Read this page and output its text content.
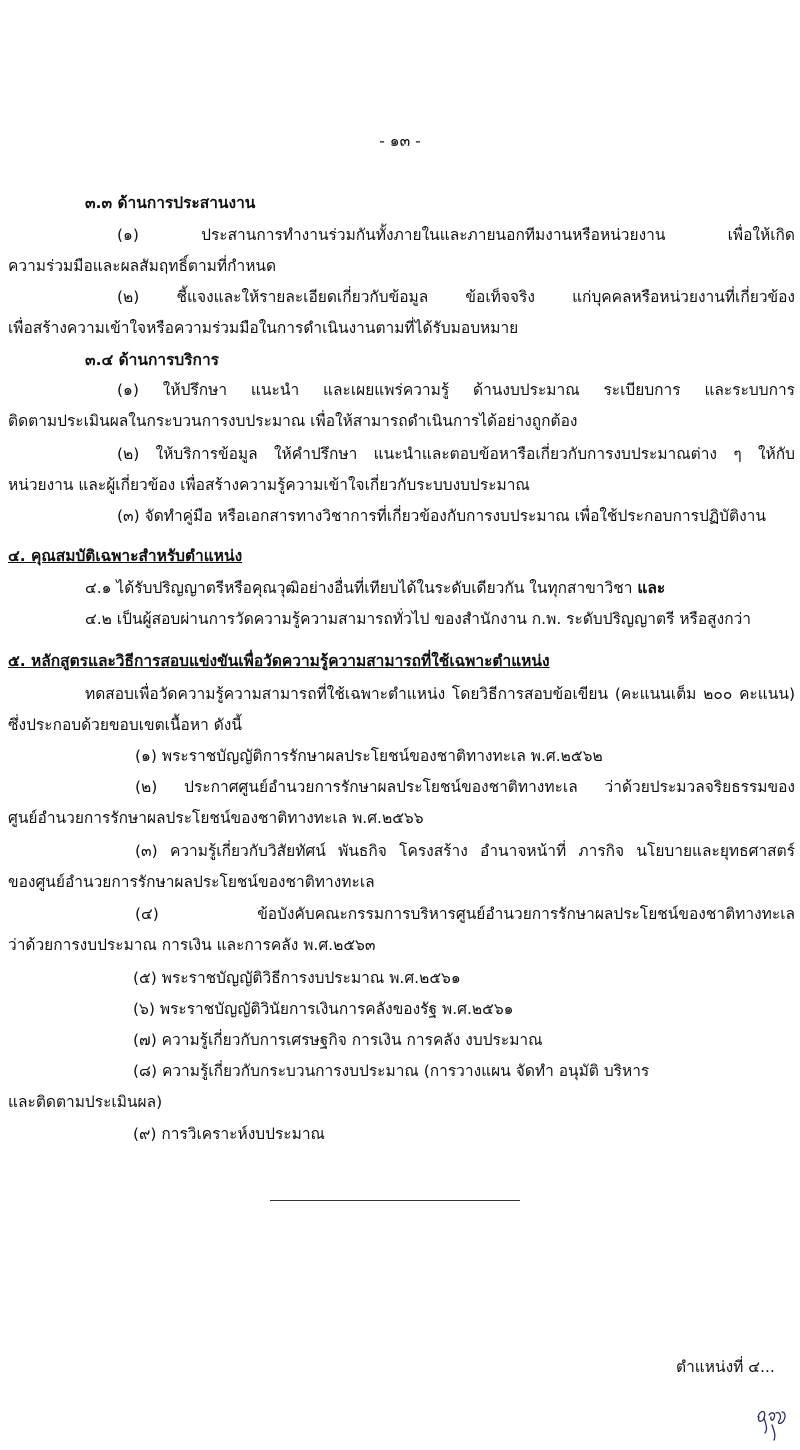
- ๑๓ -
๓.๓ ด้านการประสานงาน
(๑) ประสานการทำงานร่วมกันทั้งภายในและภายนอกทีมงานหรือหน่วยงาน เพื่อให้เกิด
ความร่วมมือและผลสัมฤทธิ์ตามที่กำหนด
(๒) ชี้แจงและให้รายละเอียดเกี่ยวกับข้อมูล ข้อเท็จจริง แก่บุคคลหรือหน่วยงานที่เกี่ยวข้อง
เพื่อสร้างความเข้าใจหรือความร่วมมือในการดำเนินงานตามที่ได้รับมอบหมาย
๓.๔ ด้านการบริการ
(๑) ให้ปรึกษา แนะนำ และเผยแพร่ความรู้ ด้านงบประมาณ ระเบียบการ และระบบการ
ติดตามประเมินผลในกระบวนการงบประมาณ เพื่อให้สามารถดำเนินการได้อย่างถูกต้อง
(๒) ให้บริการข้อมูล ให้คำปรึกษา แนะนำและตอบข้อหารือเกี่ยวกับการงบประมาณต่าง ๆ ให้กับ
หน่วยงาน และผู้เกี่ยวข้อง เพื่อสร้างความรู้ความเข้าใจเกี่ยวกับระบบงบประมาณ
(๓) จัดทำคู่มือ หรือเอกสารทางวิชาการที่เกี่ยวข้องกับการงบประมาณ เพื่อใช้ประกอบการปฏิบัติงาน
๔. คุณสมบัติเฉพาะสำหรับตำแหน่ง
๔.๑ ได้รับปริญญาตรีหรือคุณวุฒิอย่างอื่นที่เทียบได้ในระดับเดียวกัน ในทุกสาขาวิชา และ
๔.๒ เป็นผู้สอบผ่านการวัดความรู้ความสามารถทั่วไป ของสำนักงาน ก.พ. ระดับปริญญาตรี หรือสูงกว่า
๕. หลักสูตรและวิธีการสอบแข่งขันเพื่อวัดความรู้ความสามารถที่ใช้เฉพาะตำแหน่ง
ทดสอบเพื่อวัดความรู้ความสามารถที่ใช้เฉพาะตำแหน่ง โดยวิธีการสอบข้อเขียน (คะแนนเต็ม ๒๐๐ คะแนน)
ซึ่งประกอบด้วยขอบเขตเนื้อหา ดังนี้
(๑) พระราชบัญญัติการรักษาผลประโยชน์ของชาติทางทะเล พ.ศ.๒๕๖๒
(๒) ประกาศศูนย์อำนวยการรักษาผลประโยชน์ของชาติทางทะเล ว่าด้วยประมวลจริยธรรมของ
ศูนย์อำนวยการรักษาผลประโยชน์ของชาติทางทะเล พ.ศ.๒๕๖๖
(๓) ความรู้เกี่ยวกับวิสัยทัศน์ พันธกิจ โครงสร้าง อำนาจหน้าที่ ภารกิจ นโยบายและยุทธศาสตร์
ของศูนย์อำนวยการรักษาผลประโยชน์ของชาติทางทะเล
(๔) ข้อบังคับคณะกรรมการบริหารศูนย์อำนวยการรักษาผลประโยชน์ของชาติทางทะเล
ว่าด้วยการงบประมาณ การเงิน และการคลัง พ.ศ.๒๕๖๓
(๕) พระราชบัญญัติวิธีการงบประมาณ พ.ศ.๒๕๖๑
(๖) พระราชบัญญัติวินัยการเงินการคลังของรัฐ พ.ศ.๒๕๖๑
(๗) ความรู้เกี่ยวกับการเศรษฐกิจ การเงิน การคลัง งบประมาณ
(๘) ความรู้เกี่ยวกับกระบวนการงบประมาณ (การวางแผน จัดทำ อนุมัติ บริหาร
และติดตามประเมินผล)
(๙) การวิเคราะห์งบประมาณ
ตำแหน่งที่ ๔...
